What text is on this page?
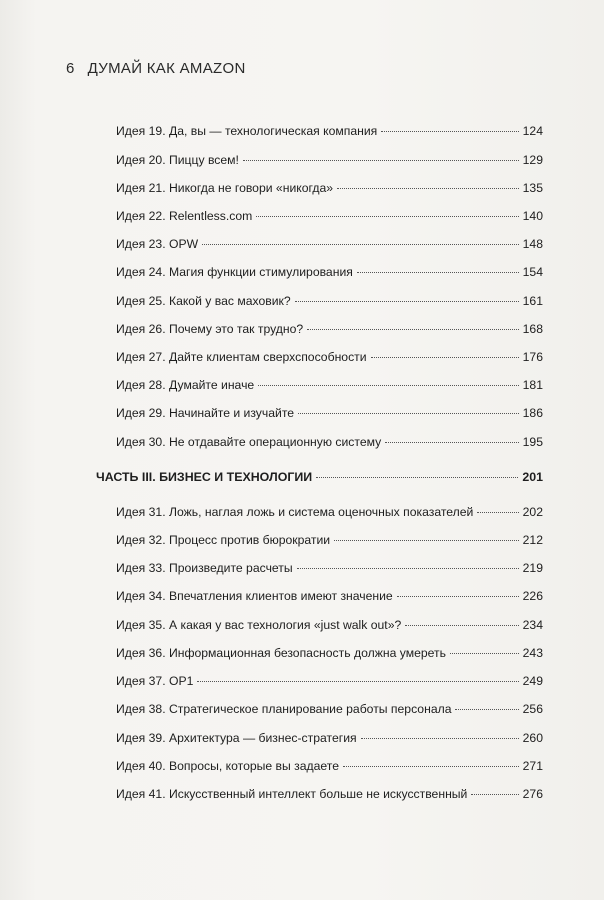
6 ДУМАЙ КАК AMAZON
Идея 19. Да, вы — технологическая компания	124
Идея 20. Пиццу всем!	129
Идея 21. Никогда не говори «никогда»	135
Идея 22. Relentless.com	140
Идея 23. OPW	148
Идея 24. Магия функции стимулирования	154
Идея 25. Какой у вас маховик?	161
Идея 26. Почему это так трудно?	168
Идея 27. Дайте клиентам сверхспособности	176
Идея 28. Думайте иначе	181
Идея 29. Начинайте и изучайте	186
Идея 30. Не отдавайте операционную систему	195
ЧАСТЬ III. БИЗНЕС И ТЕХНОЛОГИИ	201
Идея 31. Ложь, наглая ложь и система оценочных показателей	202
Идея 32. Процесс против бюрократии	212
Идея 33. Произведите расчеты	219
Идея 34. Впечатления клиентов имеют значение	226
Идея 35. А какая у вас технология «just walk out»?	234
Идея 36. Информационная безопасность должна умереть	243
Идея 37. OP1	249
Идея 38. Стратегическое планирование работы персонала	256
Идея 39. Архитектура — бизнес-стратегия	260
Идея 40. Вопросы, которые вы задаете	271
Идея 41. Искусственный интеллект больше не искусственный	276
